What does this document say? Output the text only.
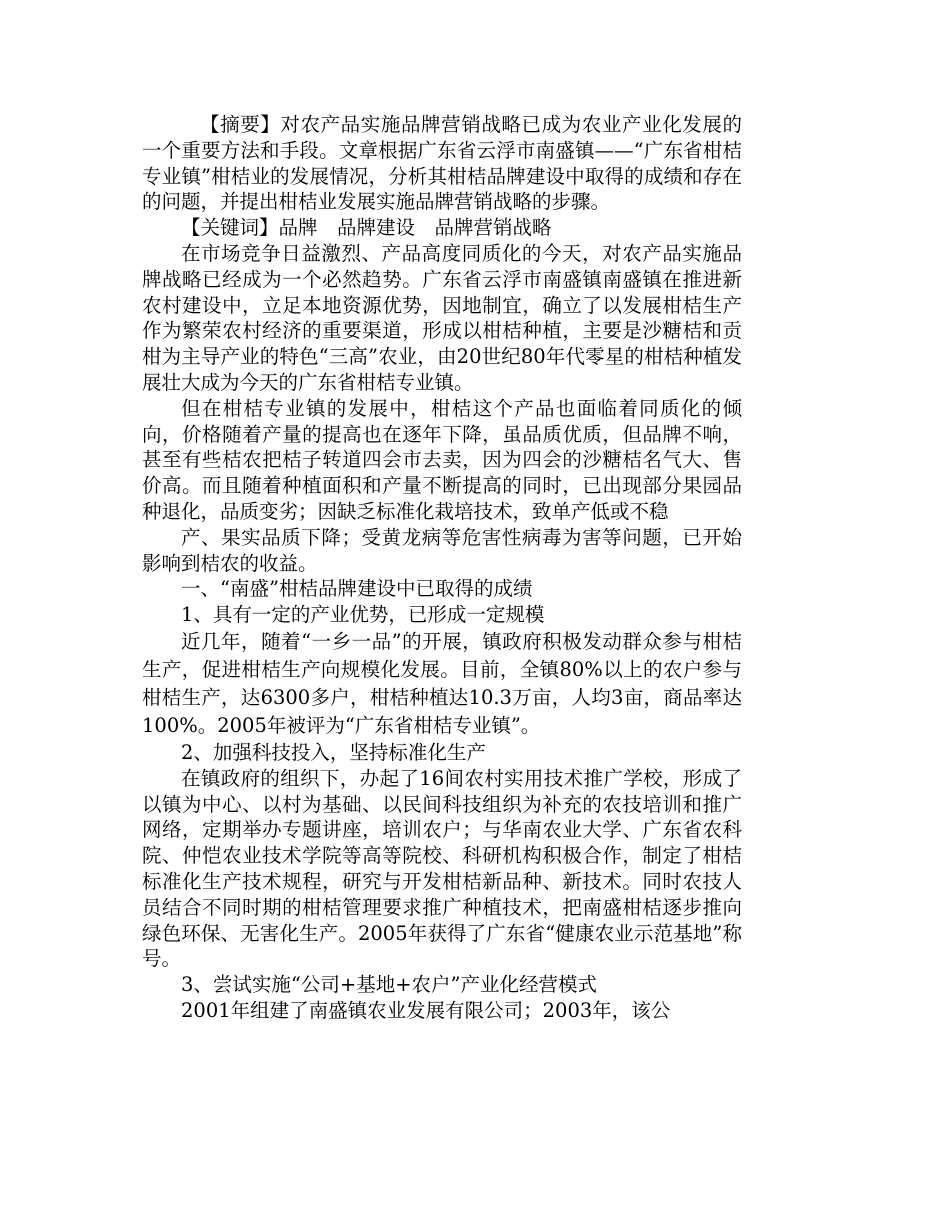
【摘要】对农产品实施品牌营销战略已成为农业产业化发展的一个重要方法和手段。文章根据广东省云浮市南盛镇——“广东省柑桔专业镇”柑桔业的发展情况，分析其柑桔品牌建设中取得的成绩和存在的问题，并提出柑桔业发展实施品牌营销战略的步骤。

【关键词】品牌　品牌建设　品牌营销战略

在市场竞争日益激烈、产品高度同质化的今天，对农产品实施品牌战略已经成为一个必然趋势。广东省云浮市南盛镇南盛镇在推进新农村建设中，立足本地资源优势，因地制宜，确立了以发展柑桔生产作为繁荣农村经济的重要渠道，形成以柑桔种植，主要是沙糖桔和贡柑为主导产业的特色“三高”农业，由20世纪80年代零星的柑桔种植发展壮大成为今天的广东省柑桔专业镇。

但在柑桔专业镇的发展中，柑桔这个产品也面临着同质化的倾向，价格随着产量的提高也在逐年下降，虽品质优质，但品牌不响，甚至有些桔农把桔子转道四会市去卖，因为四会的沙糖桔名气大、售价高。而且随着种植面积和产量不断提高的同时，已出现部分果园品种退化，品质变劣；因缺乏标准化栽培技术，致单产低或不稳

产、果实品质下降；受黄龙病等危害性病毒为害等问题，已开始影响到桔农的收益。

一、“南盛”柑桔品牌建设中已取得的成绩

1、具有一定的产业优势，已形成一定规模

近几年，随着“一乡一品”的开展，镇政府积极发动群众参与柑桔生产，促进柑桔生产向规模化发展。目前，全镇80%以上的农户参与柑桔生产，达6300多户，柑桔种植达10.3万亩，人均3亩，商品率达100%。2005年被评为“广东省柑桔专业镇”。

2、加强科技投入，坚持标准化生产

在镇政府的组织下，办起了16间农村实用技术推广学校，形成了以镇为中心、以村为基础、以民间科技组织为补充的农技培训和推广网络，定期举办专题讲座，培训农户；与华南农业大学、广东省农科院、仲恺农业技术学院等高等院校、科研机构积极合作，制定了柑桔标准化生产技术规程，研究与开发柑桔新品种、新技术。同时农技人员结合不同时期的柑桔管理要求推广种植技术，把南盛柑桔逐步推向绿色环保、无害化生产。2005年获得了广东省“健康农业示范基地”称号。

3、尝试实施“公司+基地+农户”产业化经营模式

2001年组建了南盛镇农业发展有限公司；2003年，该公
